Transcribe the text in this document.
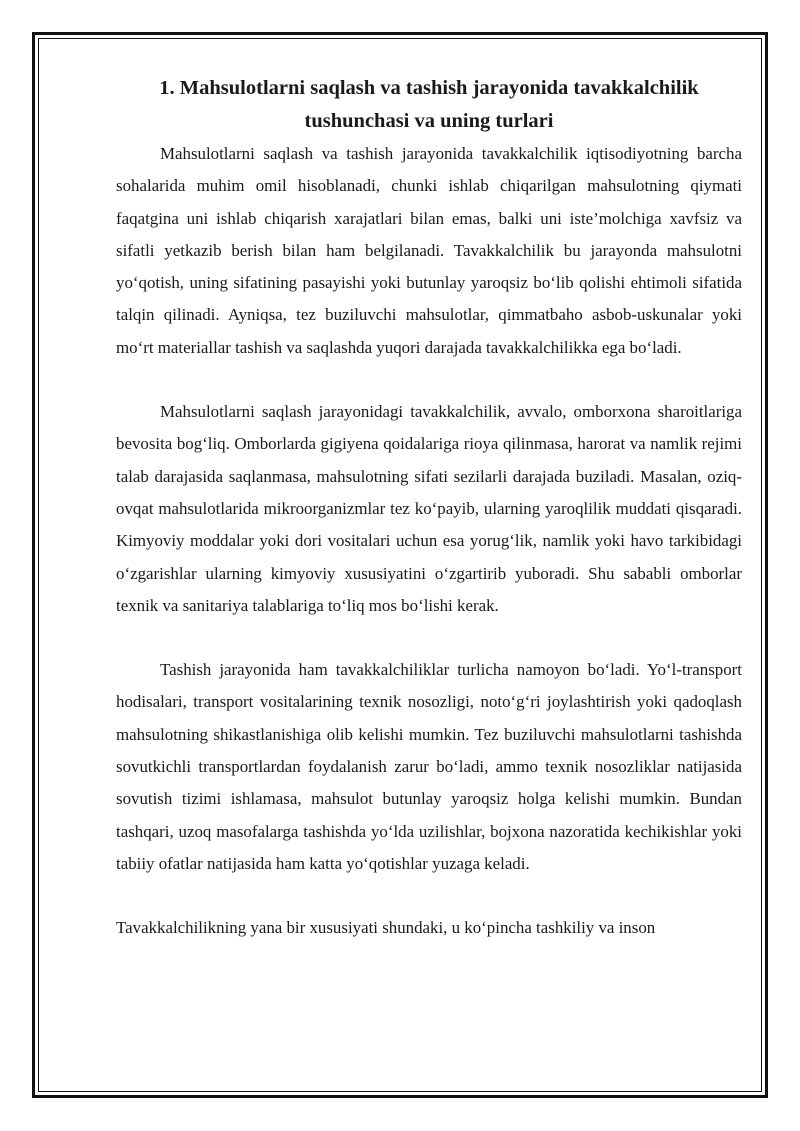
1. Mahsulotlarni saqlash va tashish jarayonida tavakkalchilik tushunchasi va uning turlari

Mahsulotlarni saqlash va tashish jarayonida tavakkalchilik iqtisodiyotning barcha sohalarida muhim omil hisoblanadi, chunki ishlab chiqarilgan mahsulotning qiymati faqatgina uni ishlab chiqarish xarajatlari bilan emas, balki uni iste’molchiga xavfsiz va sifatli yetkazib berish bilan ham belgilanadi. Tavakkalchilik bu jarayonda mahsulotni yo‘qotish, uning sifatining pasayishi yoki butunlay yaroqsiz bo‘lib qolishi ehtimoli sifatida talqin qilinadi. Ayniqsa, tez buziluvchi mahsulotlar, qimmatbaho asbob-uskunalar yoki mo‘rt materiallar tashish va saqlashda yuqori darajada tavakkalchilikka ega bo‘ladi.

Mahsulotlarni saqlash jarayonidagi tavakkalchilik, avvalo, omborxona sharoitlariga bevosita bog‘liq. Omborlarda gigiyena qoidalariga rioya qilinmasa, harorat va namlik rejimi talab darajasida saqlanmasa, mahsulotning sifati sezilarli darajada buziladi. Masalan, oziq-ovqat mahsulotlarida mikroorganizmlar tez ko‘payib, ularning yaroqlilik muddati qisqaradi. Kimyoviy moddalar yoki dori vositalari uchun esa yorug‘lik, namlik yoki havo tarkibidagi o‘zgarishlar ularning kimyoviy xususiyatini o‘zgartirib yuboradi. Shu sababli omborlar texnik va sanitariya talablariga to‘liq mos bo‘lishi kerak.

Tashish jarayonida ham tavakkalchiliklar turlicha namoyon bo‘ladi. Yo‘l-transport hodisalari, transport vositalarining texnik nosozligi, noto‘g‘ri joylashtirish yoki qadoqlash mahsulotning shikastlanishiga olib kelishi mumkin. Tez buziluvchi mahsulotlarni tashishda sovutkichli transportlardan foydalanish zarur bo‘ladi, ammo texnik nosozliklar natijasida sovutish tizimi ishlamasa, mahsulot butunlay yaroqsiz holga kelishi mumkin. Bundan tashqari, uzoq masofalarga tashishda yo‘lda uzilishlar, bojxona nazoratida kechikishlar yoki tabiiy ofatlar natijasida ham katta yo‘qotishlar yuzaga keladi.

Tavakkalchilikning yana bir xususiyati shundaki, u ko‘pincha tashkiliy va inson
